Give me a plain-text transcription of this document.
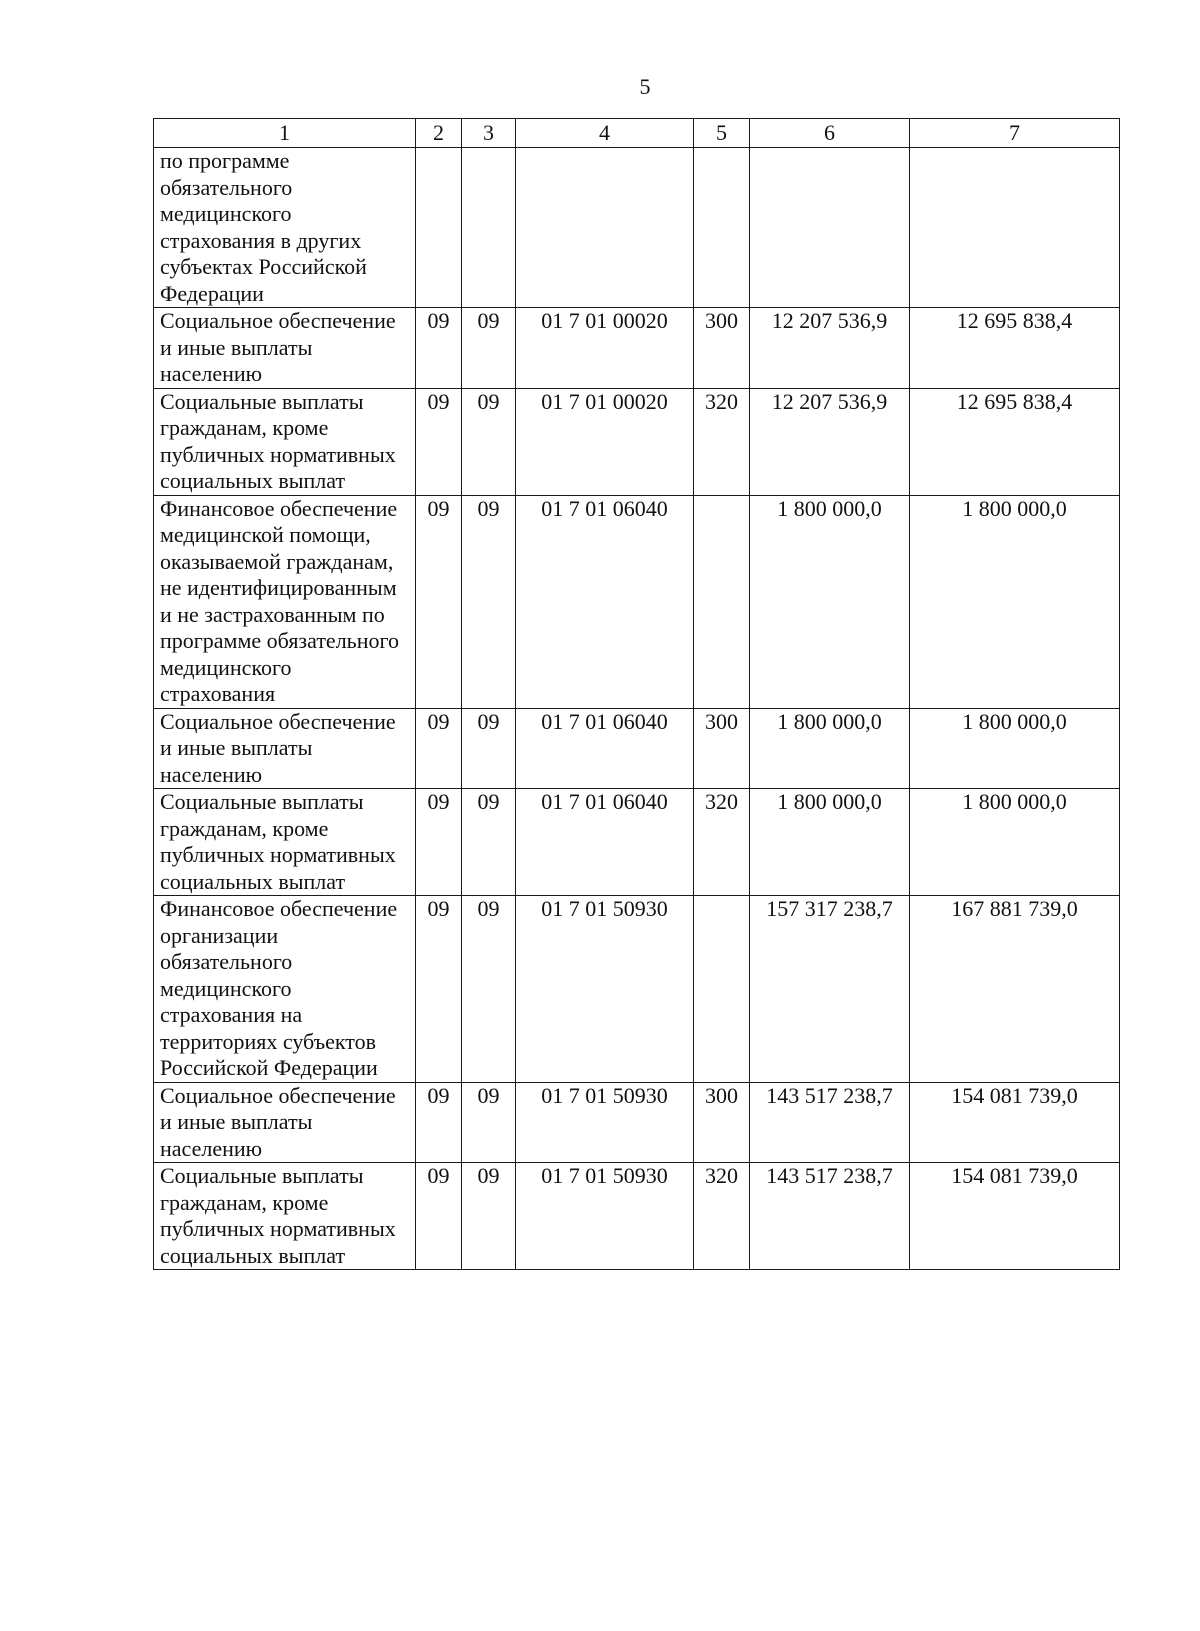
5
1	2	3	4	5	6	7
по программе обязательного медицинского страхования в других субъектах Российской Федерации						
Социальное обеспечение и иные выплаты населению	09	09	01 7 01 00020	300	12 207 536,9	12 695 838,4
Социальные выплаты гражданам, кроме публичных нормативных социальных выплат	09	09	01 7 01 00020	320	12 207 536,9	12 695 838,4
Финансовое обеспечение медицинской помощи, оказываемой гражданам, не идентифицированным и не застрахованным по программе обязательного медицинского страхования	09	09	01 7 01 06040		1 800 000,0	1 800 000,0
Социальное обеспечение и иные выплаты населению	09	09	01 7 01 06040	300	1 800 000,0	1 800 000,0
Социальные выплаты гражданам, кроме публичных нормативных социальных выплат	09	09	01 7 01 06040	320	1 800 000,0	1 800 000,0
Финансовое обеспечение организации обязательного медицинского страхования на территориях субъектов Российской Федерации	09	09	01 7 01 50930		157 317 238,7	167 881 739,0
Социальное обеспечение и иные выплаты населению	09	09	01 7 01 50930	300	143 517 238,7	154 081 739,0
Социальные выплаты гражданам, кроме публичных нормативных социальных выплат	09	09	01 7 01 50930	320	143 517 238,7	154 081 739,0
